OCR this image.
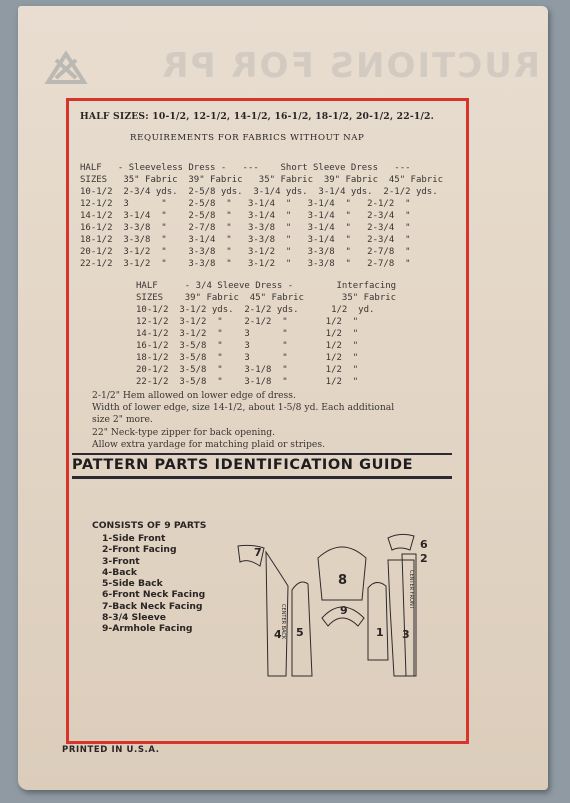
RUCTIONS FOR PR
HALF SIZES: 10-1/2, 12-1/2, 14-1/2, 16-1/2, 18-1/2, 20-1/2, 22-1/2.
REQUIREMENTS FOR FABRICS WITHOUT NAP
HALF   - Sleeveless Dress -   ---    Short Sleeve Dress   ---
SIZES   35" Fabric  39" Fabric   35" Fabric  39" Fabric  45" Fabric
10-1/2  2-3/4 yds.  2-5/8 yds.  3-1/4 yds.  3-1/4 yds.  2-1/2 yds.
12-1/2  3      "    2-5/8  "   3-1/4  "   3-1/4  "   2-1/2  "
14-1/2  3-1/4  "    2-5/8  "   3-1/4  "   3-1/4  "   2-3/4  "
16-1/2  3-3/8  "    2-7/8  "   3-3/8  "   3-1/4  "   2-3/4  "
18-1/2  3-3/8  "    3-1/4  "   3-3/8  "   3-1/4  "   2-3/4  "
20-1/2  3-1/2  "    3-3/8  "   3-1/2  "   3-3/8  "   2-7/8  "
22-1/2  3-1/2  "    3-3/8  "   3-1/2  "   3-3/8  "   2-7/8  "
HALF     - 3/4 Sleeve Dress -        Interfacing
SIZES    39" Fabric  45" Fabric       35" Fabric
10-1/2  3-1/2 yds.  2-1/2 yds.      1/2  yd.
12-1/2  3-1/2  "    2-1/2  "       1/2  "
14-1/2  3-1/2  "    3      "       1/2  "
16-1/2  3-5/8  "    3      "       1/2  "
18-1/2  3-5/8  "    3      "       1/2  "
20-1/2  3-5/8  "    3-1/8  "       1/2  "
22-1/2  3-5/8  "    3-1/8  "       1/2  "
2-1/2" Hem allowed on lower edge of dress.
Width of lower edge, size 14-1/2, about 1-5/8 yd. Each additional
size 2" more.
22" Neck-type zipper for back opening.
Allow extra yardage for matching plaid or stripes.
PATTERN PARTS IDENTIFICATION GUIDE
CONSISTS OF 9 PARTS
1-Side Front
2-Front Facing
3-Front
4-Back
5-Side Back
6-Front Neck Facing
7-Back Neck Facing
8-3/4 Sleeve
9-Armhole Facing
7
4 5
8
9
1 3
2
6
CENTER BACK
CENTER FRONT
PRINTED IN U.S.A.
